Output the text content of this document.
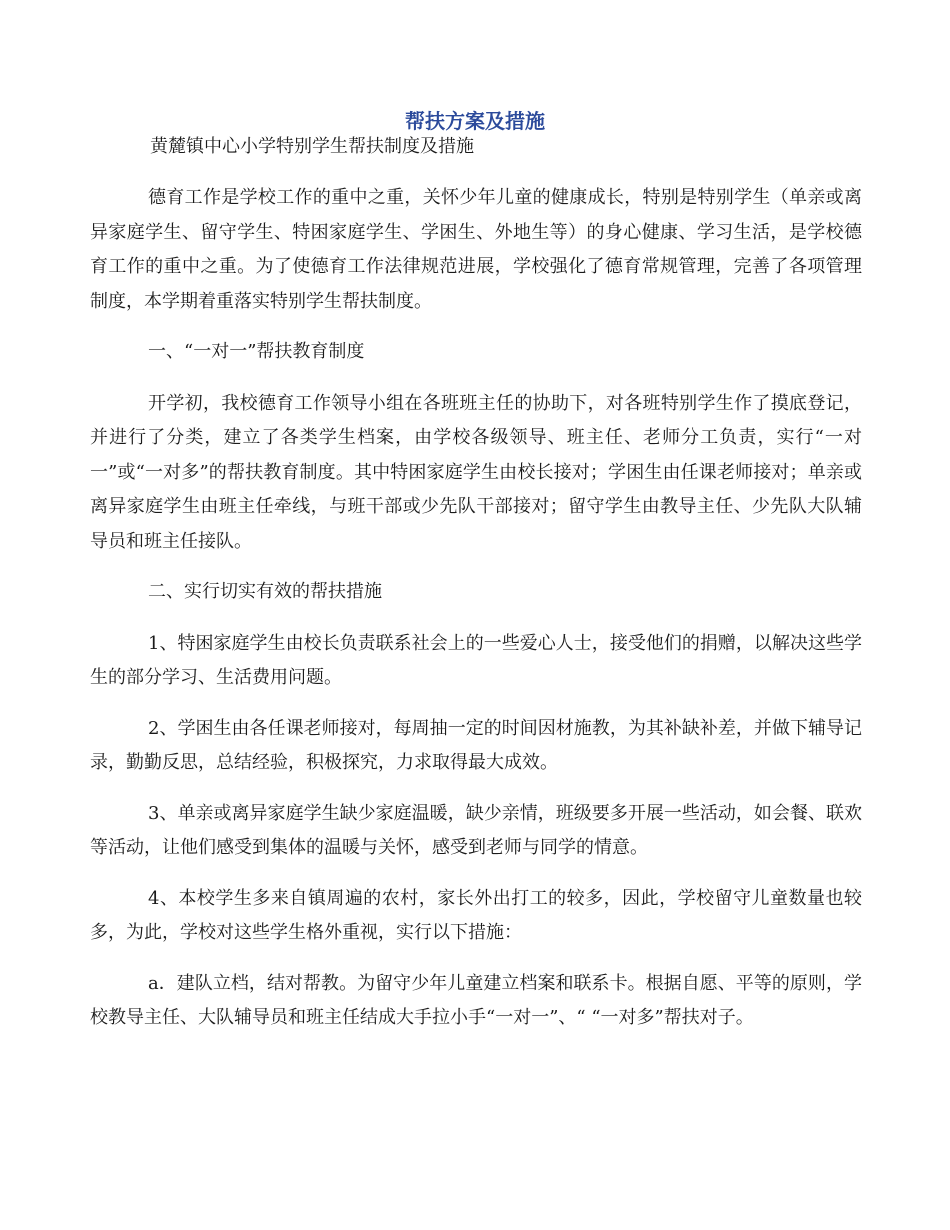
帮扶方案及措施
黄麓镇中心小学特别学生帮扶制度及措施

德育工作是学校工作的重中之重，关怀少年儿童的健康成长，特别是特别学生（单亲或离异家庭学生、留守学生、特困家庭学生、学困生、外地生等）的身心健康、学习生活，是学校德育工作的重中之重。为了使德育工作法律规范进展，学校强化了德育常规管理，完善了各项管理制度，本学期着重落实特别学生帮扶制度。

一、“一对一”帮扶教育制度

开学初，我校德育工作领导小组在各班班主任的协助下，对各班特别学生作了摸底登记，并进行了分类，建立了各类学生档案，由学校各级领导、班主任、老师分工负责，实行“一对一”或“一对多”的帮扶教育制度。其中特困家庭学生由校长接对；学困生由任课老师接对；单亲或离异家庭学生由班主任牵线，与班干部或少先队干部接对；留守学生由教导主任、少先队大队辅导员和班主任接队。

二、实行切实有效的帮扶措施

1、特困家庭学生由校长负责联系社会上的一些爱心人士，接受他们的捐赠，以解决这些学生的部分学习、生活费用问题。

2、学困生由各任课老师接对，每周抽一定的时间因材施教，为其补缺补差，并做下辅导记录，勤勤反思，总结经验，积极探究，力求取得最大成效。

3、单亲或离异家庭学生缺少家庭温暖，缺少亲情，班级要多开展一些活动，如会餐、联欢等活动，让他们感受到集体的温暖与关怀，感受到老师与同学的情意。

4、本校学生多来自镇周遍的农村，家长外出打工的较多，因此，学校留守儿童数量也较多，为此，学校对这些学生格外重视，实行以下措施：

a．建队立档，结对帮教。为留守少年儿童建立档案和联系卡。根据自愿、平等的原则，学校教导主任、大队辅导员和班主任结成大手拉小手“一对一”、“ “一对多”帮扶对子。
